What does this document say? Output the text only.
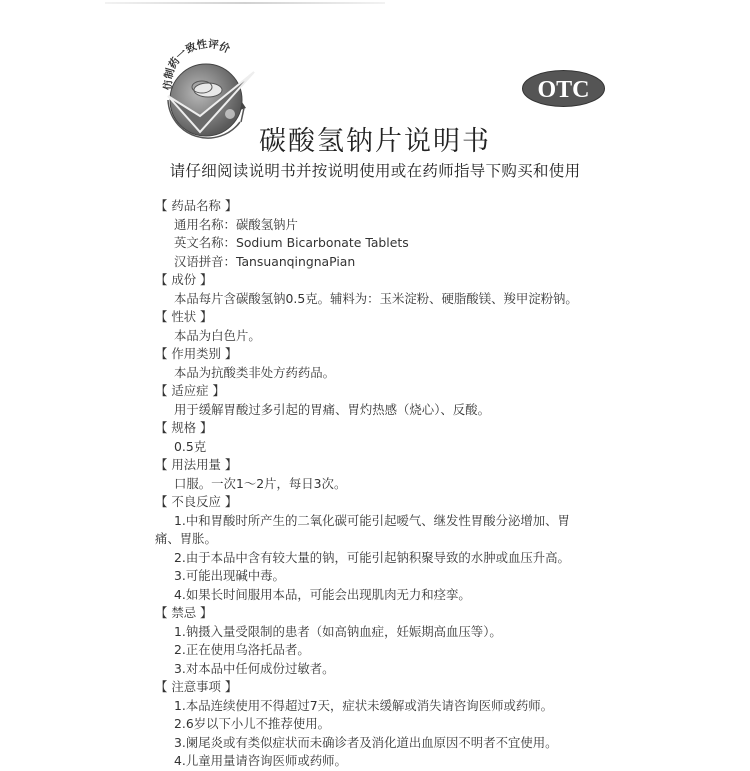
仿制药一致性评价
OTC
碳酸氢钠片说明书
请仔细阅读说明书并按说明使用或在药师指导下购买和使用
【 药品名称 】
通用名称：碳酸氢钠片
英文名称：Sodium Bicarbonate Tablets
汉语拼音：TansuanqingnaPian
【 成份 】
本品每片含碳酸氢钠0.5克。辅料为：玉米淀粉、硬脂酸镁、羧甲淀粉钠。
【 性状 】
本品为白色片。
【 作用类别 】
本品为抗酸类非处方药药品。
【 适应症 】
用于缓解胃酸过多引起的胃痛、胃灼热感（烧心）、反酸。
【 规格 】
0.5克
【 用法用量 】
口服。一次1～2片，每日3次。
【 不良反应 】
1.中和胃酸时所产生的二氧化碳可能引起嗳气、继发性胃酸分泌增加、胃
痛、胃胀。
2.由于本品中含有较大量的钠，可能引起钠积聚导致的水肿或血压升高。
3.可能出现碱中毒。
4.如果长时间服用本品，可能会出现肌肉无力和痉挛。
【 禁忌 】
1.钠摄入量受限制的患者（如高钠血症，妊娠期高血压等）。
2.正在使用乌洛托品者。
3.对本品中任何成份过敏者。
【 注意事项 】
1.本品连续使用不得超过7天，症状未缓解或消失请咨询医师或药师。
2.6岁以下小儿不推荐使用。
3.阑尾炎或有类似症状而未确诊者及消化道出血原因不明者不宜使用。
4.儿童用量请咨询医师或药师。
